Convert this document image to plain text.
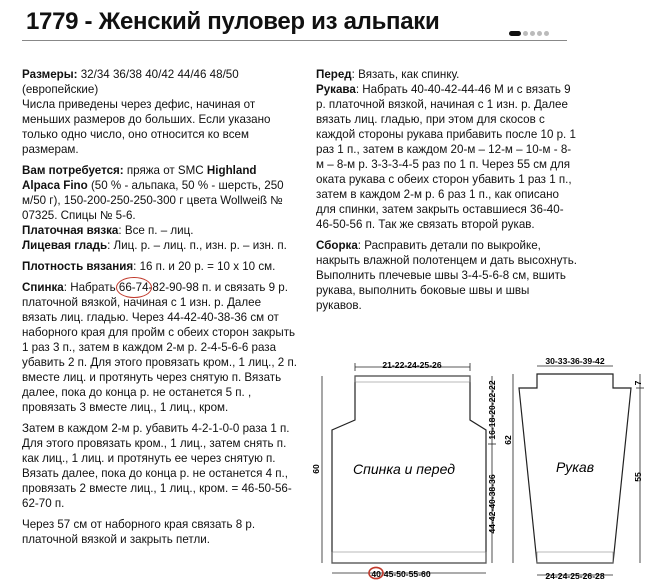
1779 - Женский пуловер из альпаки

Размеры: 32/34 36/38 40/42 44/46 48/50 (европейские)
Числа приведены через дефис, начиная от меньших размеров до больших. Если указано только одно число, оно относится ко всем размерам.

Вам потребуется: пряжа от SMC Highland Alpaca Fino (50 % - альпака, 50 % - шерсть, 250 м/50 г), 150-200-250-250-300 г цвета Wollweiß № 07325. Спицы № 5-6.
Платочная вязка: Все п. – лиц.
Лицевая гладь: Лиц. р. – лиц. п., изн. р. – изн. п.

Плотность вязания: 16 п. и 20 р. = 10 х 10 см.

Спинка: Набрать 66-74
-82-90-98 п. и связать 9 р. платочной вязкой, начиная с 1 изн. р. Далее вязать лиц. гладью. Через 44-42-40-38-36 см от наборного края для пройм с обеих сторон закрыть 1 раз 3 п., затем в каждом 2-м р. 2-4-5-6-6 раза убавить 2 п. Для этого провязать кром., 1 лиц., 2 п. вместе лиц. и протянуть через снятую п. Вязать далее, пока до конца р. не останется 5 п. , провязать 3 вместе лиц., 1 лиц., кром.

Затем в каждом 2-м р. убавить 4-2-1-0-0 раза 1 п. Для этого провязать кром., 1 лиц., затем снять п. как лиц., 1 лиц. и протянуть ее через снятую п. Вязать далее, пока до конца р. не останется 4 п., провязать 2 вместе лиц., 1 лиц., кром. = 46-50-56-62-70 п.

Через 57 см от наборного края связать 8 р. платочной вязкой и закрыть петли.

Перед: Вязать, как спинку.
Рукава: Набрать 40-40-42-44-46 М и с вязать 9 р. платочной вязкой, начиная с 1 изн. р. Далее вязать лиц. гладью, при этом для скосов с каждой стороны рукава прибавить после 10 р. 1 раз 1 п., затем в каждом 20-м – 12-м – 10-м - 8-м – 8-м р. 3-3-3-4-5 раз по 1 п. Через 55 см для оката рукава с обеих сторон убавить 1 раз 1 п., затем в каждом 2-м р. 6 раз 1 п., как описано для спинки, затем закрыть оставшиеся 36-40-46-50-56 п. Так же связать второй рукав.

Сборка: Расправить детали по выкройке, накрыть влажной полотенцем и дать высохнуть. Выполнить плечевые швы 3-4-5-6-8 см, вшить рукава, выполнить боковые швы и швы рукавов.

Спинка и перед
21-22-24-25-26
40-45-50-55-60
60
16-18-20-22-22
44-42-40-38-36
Рукав
30-33-36-39-42
24-24-25-26-28
62
7
55
